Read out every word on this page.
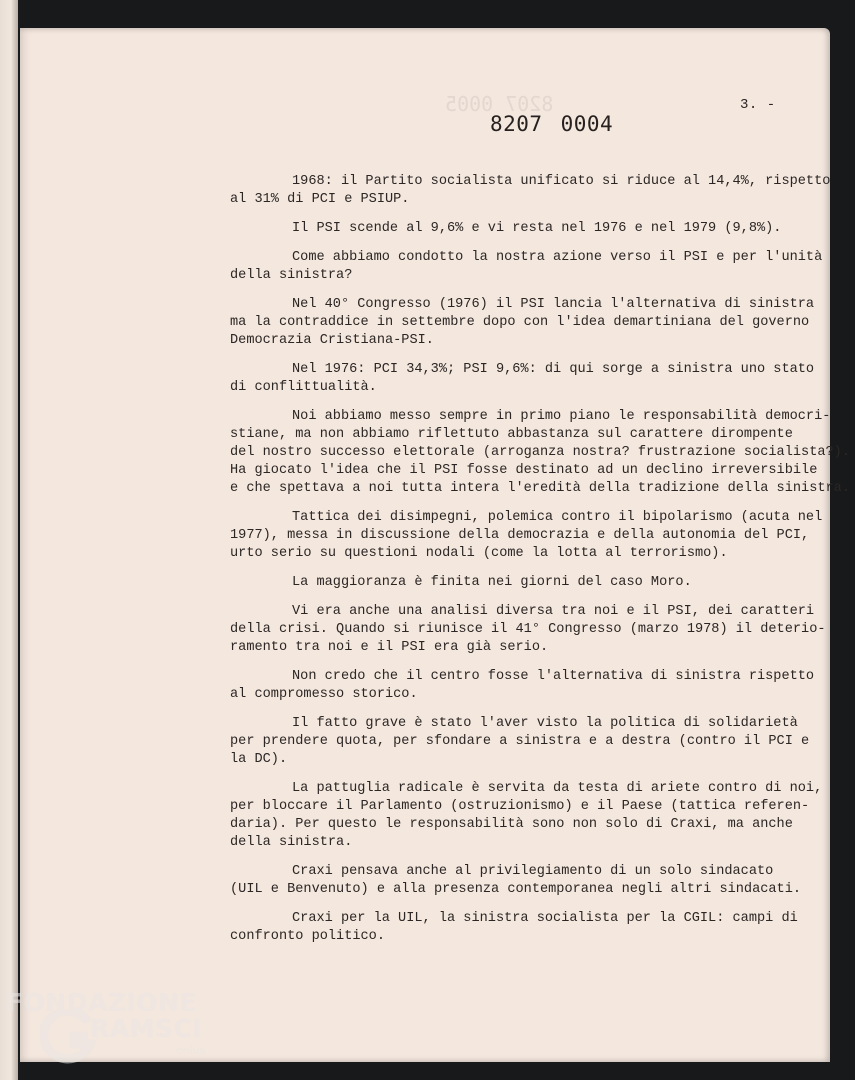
8207 0005	3. -
8207 0004
1968: il Partito socialista unificato si riduce al 14,4%, rispetto
al 31% di PCI e PSIUP.
Il PSI scende al 9,6% e vi resta nel 1976 e nel 1979 (9,8%).
Come abbiamo condotto la nostra azione verso il PSI e per l'unità
della sinistra?
Nel 40° Congresso (1976) il PSI lancia l'alternativa di sinistra
ma la contraddice in settembre dopo con l'idea demartiniana del governo
Democrazia Cristiana-PSI.
Nel 1976: PCI 34,3%; PSI 9,6%: di qui sorge a sinistra uno stato
di conflittualità.
Noi abbiamo messo sempre in primo piano le responsabilità democri-
stiane, ma non abbiamo riflettuto abbastanza sul carattere dirompente
del nostro successo elettorale (arroganza nostra? frustrazione socialista?).
Ha giocato l'idea che il PSI fosse destinato ad un declino irreversibile
e che spettava a noi tutta intera l'eredità della tradizione della sinistra.
Tattica dei disimpegni, polemica contro il bipolarismo (acuta nel
1977), messa in discussione della democrazia e della autonomia del PCI,
urto serio su questioni nodali (come la lotta al terrorismo).
La maggioranza è finita nei giorni del caso Moro.
Vi era anche una analisi diversa tra noi e il PSI, dei caratteri
della crisi. Quando si riunisce il 41° Congresso (marzo 1978) il deterio-
ramento tra noi e il PSI era già serio.
Non credo che il centro fosse l'alternativa di sinistra rispetto
al compromesso storico.
Il fatto grave è stato l'aver visto la politica di solidarietà
per prendere quota, per sfondare a sinistra e a destra (contro il PCI e
la DC).
La pattuglia radicale è servita da testa di ariete contro di noi,
per bloccare il Parlamento (ostruzionismo) e il Paese (tattica referen-
daria). Per questo le responsabilità sono non solo di Craxi, ma anche
della sinistra.
Craxi pensava anche al privilegiamento di un solo sindacato
(UIL e Benvenuto) e alla presenza contemporanea negli altri sindacati.
Craxi per la UIL, la sinistra socialista per la CGIL: campi di
confronto politico.
FONDAZIONE
RAMSCI
onlus
